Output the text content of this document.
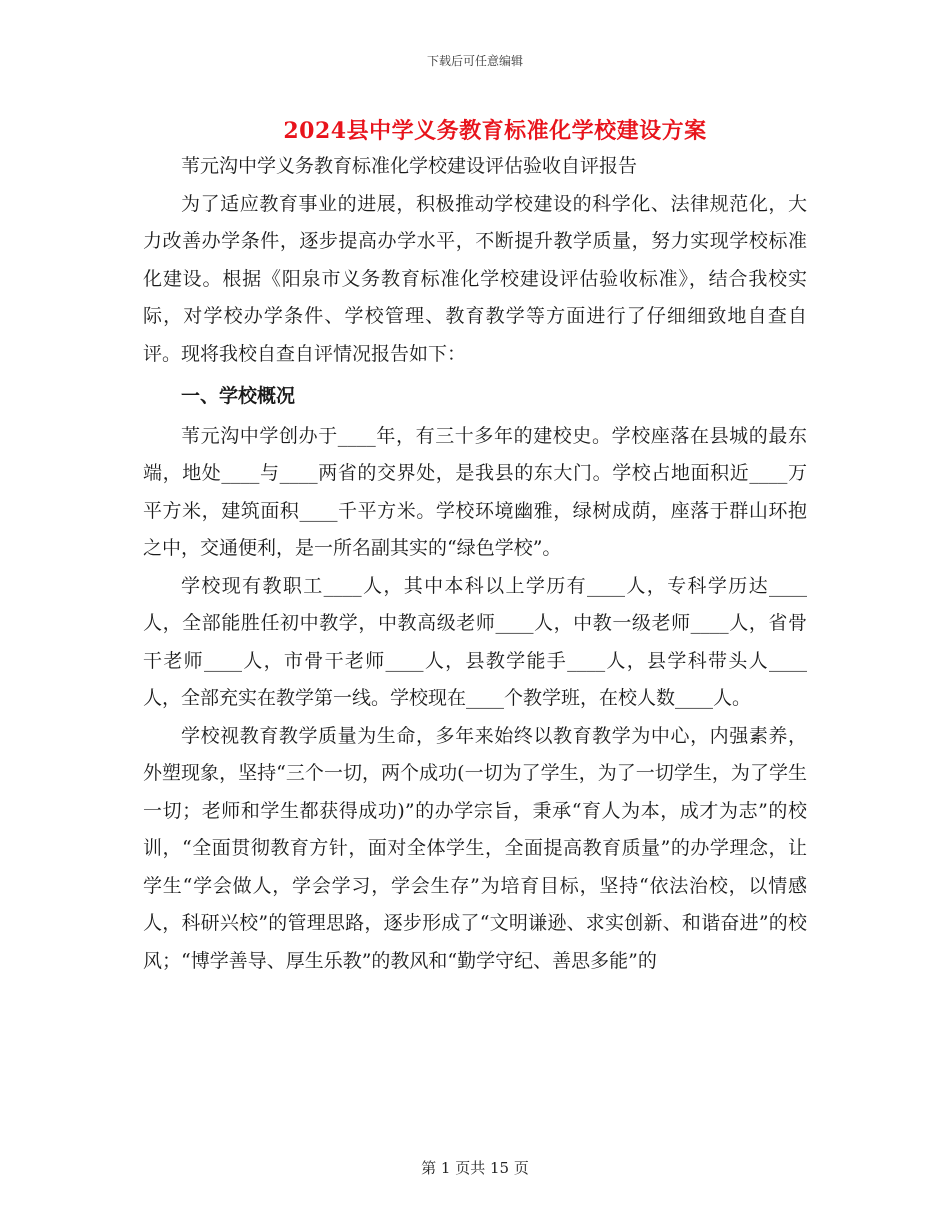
下载后可任意编辑
2024县中学义务教育标准化学校建设方案

苇元沟中学义务教育标准化学校建设评估验收自评报告

为了适应教育事业的进展，积极推动学校建设的科学化、法律规范化，大力改善办学条件，逐步提高办学水平，不断提升教学质量，努力实现学校标准化建设。根据《阳泉市义务教育标准化学校建设评估验收标准》，结合我校实际，对学校办学条件、学校管理、教育教学等方面进行了仔细细致地自查自评。现将我校自查自评情况报告如下：

一、学校概况

苇元沟中学创办于____年，有三十多年的建校史。学校座落在县城的最东端，地处____与____两省的交界处，是我县的东大门。学校占地面积近____万平方米，建筑面积____千平方米。学校环境幽雅，绿树成荫，座落于群山环抱之中，交通便利，是一所名副其实的“绿色学校”。

学校现有教职工____人，其中本科以上学历有____人，专科学历达____人，全部能胜任初中教学，中教高级老师____人，中教一级老师____人，省骨干老师____人，市骨干老师____人，县教学能手____人，县学科带头人____人，全部充实在教学第一线。学校现在____个教学班，在校人数____人。

学校视教育教学质量为生命，多年来始终以教育教学为中心，内强素养，外塑现象，坚持“三个一切，两个成功(一切为了学生，为了一切学生，为了学生一切；老师和学生都获得成功)”的办学宗旨，秉承“育人为本，成才为志”的校训，“全面贯彻教育方针，面对全体学生，全面提高教育质量”的办学理念，让学生“学会做人，学会学习，学会生存”为培育目标，坚持“依法治校，以情感人，科研兴校”的管理思路，逐步形成了“文明谦逊、求实创新、和谐奋进”的校风；“博学善导、厚生乐教”的教风和“勤学守纪、善思多能”的

第 1 页共 15 页
